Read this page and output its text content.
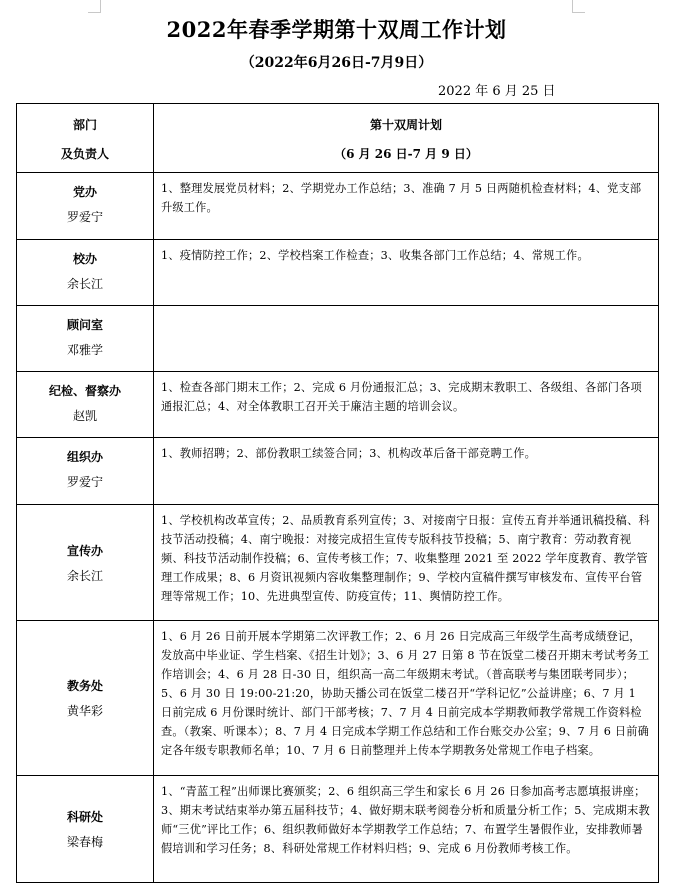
2022年春季学期第十双周工作计划
（2022年6月26日-7月9日）
2022 年 6 月 25 日
部门
及负责人	第十双周计划
（6 月 26 日-7 月 9 日）

党办
罗爱宁	1、整理发展党员材料；2、学期党办工作总结；3、准确 7 月 5 日两随机检查材料；4、党支部升级工作。

校办
余长江	1、疫情防控工作；2、学校档案工作检查；3、收集各部门工作总结；4、常规工作。

顾问室
邓雅学	

纪检、督察办
赵凯	1、检查各部门期末工作；2、完成 6 月份通报汇总；3、完成期末教职工、各级组、各部门各项通报汇总；4、对全体教职工召开关于廉洁主题的培训会议。

组织办
罗爱宁	1、教师招聘；2、部份教职工续签合同；3、机构改革后备干部竞聘工作。

宣传办
余长江	1、学校机构改革宣传；2、品质教育系列宣传；3、对接南宁日报：宣传五育并举通讯稿投稿、科技节活动投稿；4、南宁晚报：对接完成招生宣传专版科技节投稿；5、南宁教育：劳动教育视频、科技节活动制作投稿；6、宣传考核工作；7、收集整理 2021 至 2022 学年度教育、教学管理工作成果；8、6 月资讯视频内容收集整理制作；9、学校内宣稿件撰写审核发布、宣传平台管理等常规工作；10、先进典型宣传、防疫宣传；11、舆情防控工作。

教务处
黄华彩	1、6 月 26 日前开展本学期第二次评教工作；2、6 月 26 日完成高三年级学生高考成绩登记，发放高中毕业证、学生档案、《招生计划》；3、6 月 27 日第 8 节在饭堂二楼召开期末考试考务工作培训会；4、6 月 28 日-30 日，组织高一高二年级期末考试。（普高联考与集团联考同步）；5、6 月 30 日 19:00-21:20，协助天播公司在饭堂二楼召开“学科记忆”公益讲座；6、7 月 1 日前完成 6 月份课时统计、部门干部考核；7、7 月 4 日前完成本学期教师教学常规工作资料检查。（教案、听课本）；8、7 月 4 日完成本学期工作总结和工作台账交办公室；9、7 月 6 日前确定各年级专职教师名单；10、7 月 6 日前整理并上传本学期教务处常规工作电子档案。

科研处
梁春梅	1、“青蓝工程”出师课比赛颁奖；2、6 组织高三学生和家长 6 月 26 日参加高考志愿填报讲座；3、期末考试结束举办第五届科技节；4、做好期末联考阅卷分析和质量分析工作；5、完成期末教师“三优”评比工作；6、组织教师做好本学期教学工作总结；7、布置学生暑假作业，安排教师暑假培训和学习任务；8、科研处常规工作材料归档；9、完成 6 月份教师考核工作。
